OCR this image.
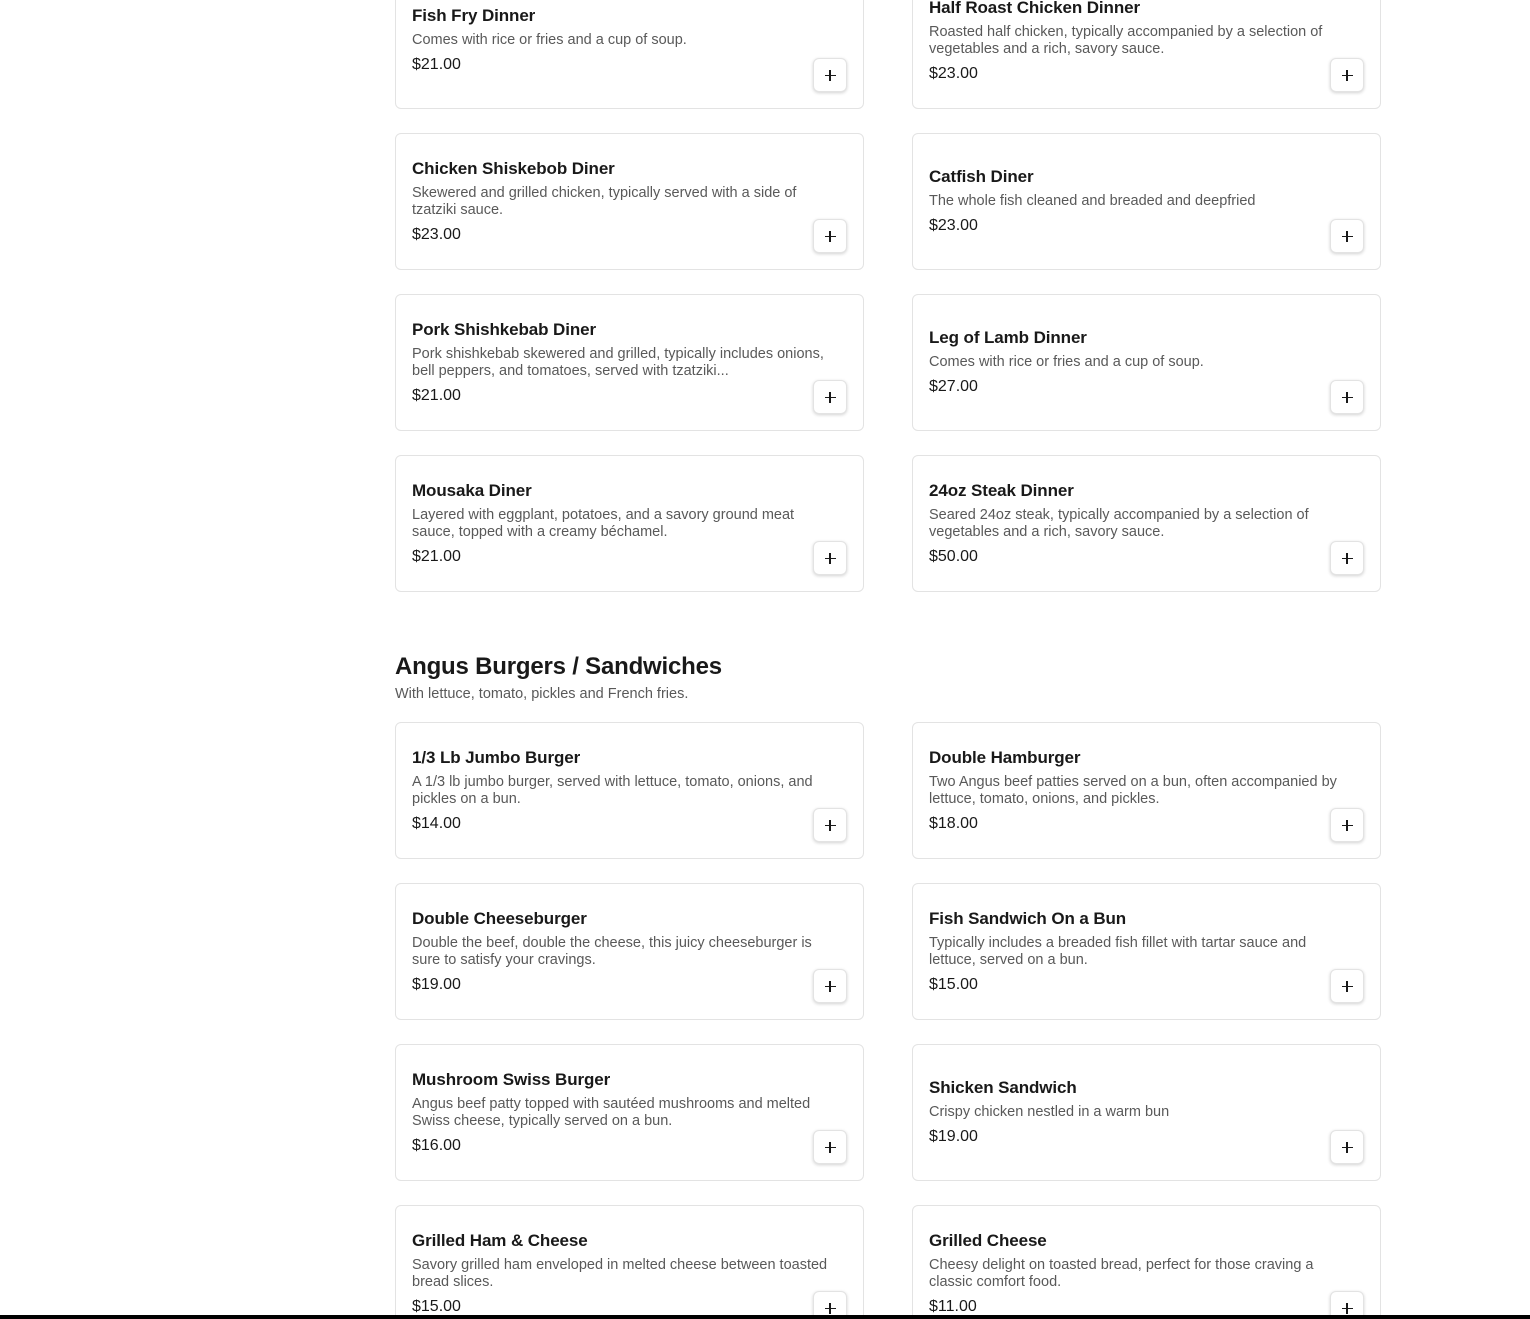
Fish Fry Dinner
Comes with rice or fries and a cup of soup.
$21.00
Half Roast Chicken Dinner
Roasted half chicken, typically accompanied by a selection of vegetables and a rich, savory sauce.
$23.00
Chicken Shiskebob Diner
Skewered and grilled chicken, typically served with a side of tzatziki sauce.
$23.00
Catfish Diner
The whole fish cleaned and breaded and deepfried
$23.00
Pork Shishkebab Diner
Pork shishkebab skewered and grilled, typically includes onions, bell peppers, and tomatoes, served with tzatziki...
$21.00
Leg of Lamb Dinner
Comes with rice or fries and a cup of soup.
$27.00
Mousaka Diner
Layered with eggplant, potatoes, and a savory ground meat sauce, topped with a creamy béchamel.
$21.00
24oz Steak Dinner
Seared 24oz steak, typically accompanied by a selection of vegetables and a rich, savory sauce.
$50.00
Angus Burgers / Sandwiches
With lettuce, tomato, pickles and French fries.
1/3 Lb Jumbo Burger
A 1/3 lb jumbo burger, served with lettuce, tomato, onions, and pickles on a bun.
$14.00
Double Hamburger
Two Angus beef patties served on a bun, often accompanied by lettuce, tomato, onions, and pickles.
$18.00
Double Cheeseburger
Double the beef, double the cheese, this juicy cheeseburger is sure to satisfy your cravings.
$19.00
Fish Sandwich On a Bun
Typically includes a breaded fish fillet with tartar sauce and lettuce, served on a bun.
$15.00
Mushroom Swiss Burger
Angus beef patty topped with sautéed mushrooms and melted Swiss cheese, typically served on a bun.
$16.00
Shicken Sandwich
Crispy chicken nestled in a warm bun
$19.00
Grilled Ham & Cheese
Savory grilled ham enveloped in melted cheese between toasted bread slices.
$15.00
Grilled Cheese
Cheesy delight on toasted bread, perfect for those craving a classic comfort food.
$11.00
